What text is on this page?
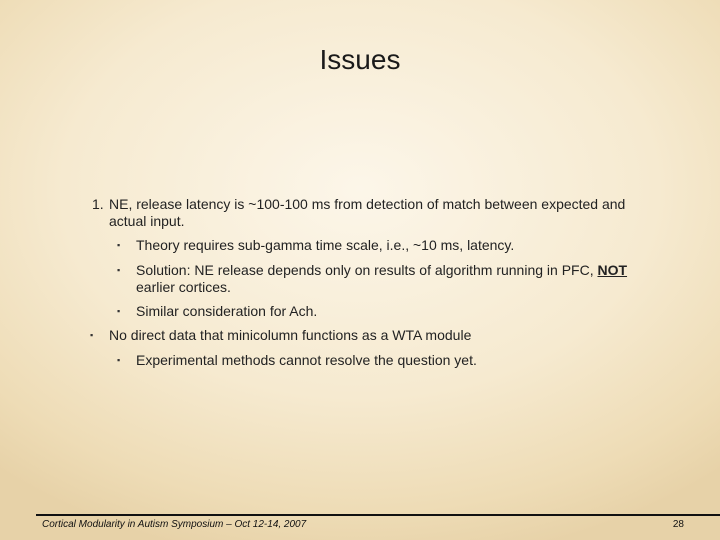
Issues
1. NE, release latency is ~100-100 ms from detection of match between expected and
actual input.
▪ Theory requires sub-gamma time scale, i.e., ~10 ms, latency.
▪ Solution: NE release depends only on results of algorithm running in PFC, NOT
earlier cortices.
▪ Similar consideration for Ach.
▪ No direct data that minicolumn functions as a WTA module
▪ Experimental methods cannot resolve the question yet.
Cortical Modularity in Autism Symposium – Oct 12-14, 2007	28
